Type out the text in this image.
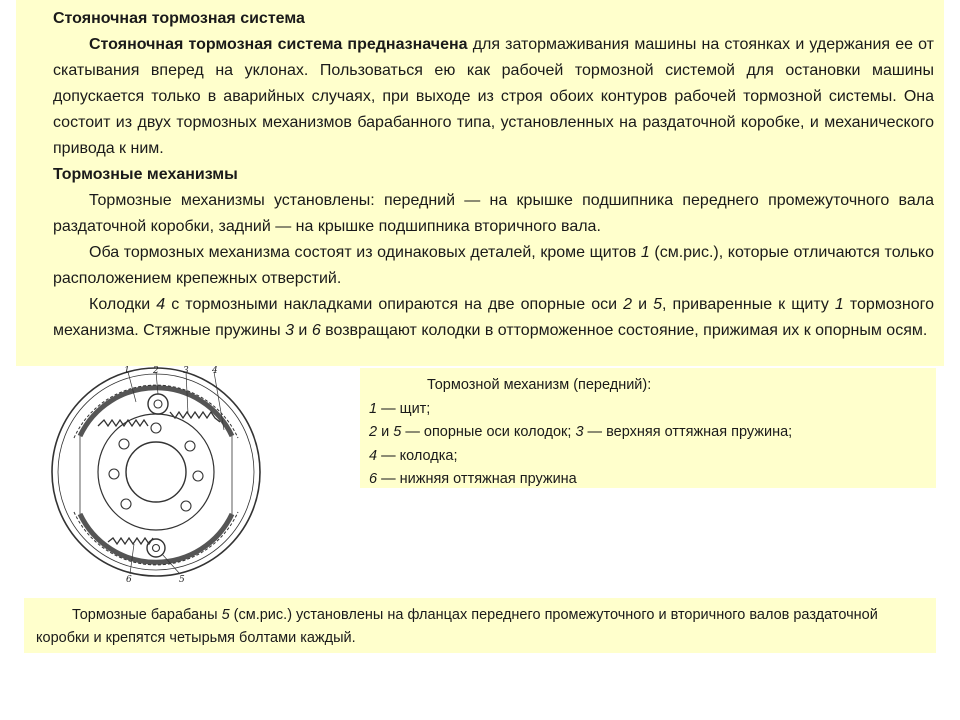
Стояночная тормозная система

Стояночная тормозная система предназначена для затормаживания машины на стоянках и удержания ее от скатывания вперед на уклонах. Пользоваться ею как рабочей тормозной системой для остановки машины допускается только в аварийных случаях, при выходе из строя обоих контуров рабочей тормозной системы. Она состоит из двух тормозных механизмов барабанного типа, установленных на раздаточной коробке, и механического привода к ним.

Тормозные механизмы

Тормозные механизмы установлены: передний — на крышке подшипника переднего промежуточного вала раздаточной коробки, задний — на крышке подшипника вторичного вала.

Оба тормозных механизма состоят из одинаковых деталей, кроме щитов 1 (см.рис.), которые отличаются только расположением крепежных отверстий.

Колодки 4 с тормозными накладками опираются на две опорные оси 2 и 5, приваренные к щиту 1 тормозного механизма. Стяжные пружины 3 и 6 возвращают колодки в отторможенное состояние, прижимая их к опорным осям.

1	2	3	4
6	5

Тормозной механизм (передний):

1 — щит;

2 и 5 — опорные оси колодок; 3 — верхняя оттяжная пружина;

4 — колодка;

6 — нижняя оттяжная пружина

Тормозные барабаны 5 (см.рис.) установлены на фланцах переднего промежуточного и вторичного валов раздаточной коробки и крепятся четырьмя болтами каждый.
